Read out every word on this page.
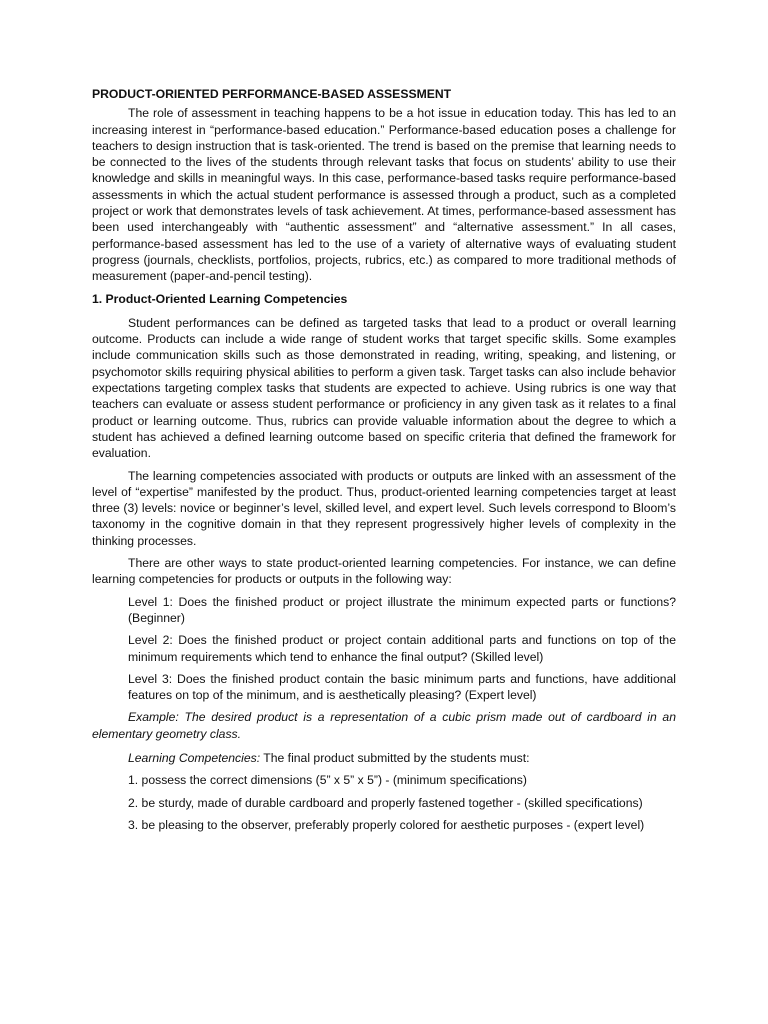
PRODUCT-ORIENTED PERFORMANCE-BASED ASSESSMENT

The role of assessment in teaching happens to be a hot issue in education today. This has led to an increasing interest in “performance-based education.” Performance-based education poses a challenge for teachers to design instruction that is task-oriented. The trend is based on the premise that learning needs to be connected to the lives of the students through relevant tasks that focus on students’ ability to use their knowledge and skills in meaningful ways. In this case, performance-based tasks require performance-based assessments in which the actual student performance is assessed through a product, such as a completed project or work that demonstrates levels of task achievement. At times, performance-based assessment has been used interchangeably with “authentic assessment” and “alternative assessment.” In all cases, performance-based assessment has led to the use of a variety of alternative ways of evaluating student progress (journals, checklists, portfolios, projects, rubrics, etc.) as compared to more traditional methods of measurement (paper-and-pencil testing).

1. Product-Oriented Learning Competencies

Student performances can be defined as targeted tasks that lead to a product or overall learning outcome. Products can include a wide range of student works that target specific skills. Some examples include communication skills such as those demonstrated in reading, writing, speaking, and listening, or psychomotor skills requiring physical abilities to perform a given task. Target tasks can also include behavior expectations targeting complex tasks that students are expected to achieve. Using rubrics is one way that teachers can evaluate or assess student performance or proficiency in any given task as it relates to a final product or learning outcome. Thus, rubrics can provide valuable information about the degree to which a student has achieved a defined learning outcome based on specific criteria that defined the framework for evaluation.

The learning competencies associated with products or outputs are linked with an assessment of the level of “expertise” manifested by the product. Thus, product-oriented learning competencies target at least three (3) levels: novice or beginner’s level, skilled level, and expert level. Such levels correspond to Bloom’s taxonomy in the cognitive domain in that they represent progressively higher levels of complexity in the thinking processes.

There are other ways to state product-oriented learning competencies. For instance, we can define learning competencies for products or outputs in the following way:

Level 1: Does the finished product or project illustrate the minimum expected parts or functions? (Beginner)

Level 2: Does the finished product or project contain additional parts and functions on top of the minimum requirements which tend to enhance the final output? (Skilled level)

Level 3: Does the finished product contain the basic minimum parts and functions, have additional features on top of the minimum, and is aesthetically pleasing? (Expert level)

Example: The desired product is a representation of a cubic prism made out of cardboard in an elementary geometry class.

Learning Competencies: The final product submitted by the students must:

1. possess the correct dimensions (5” x 5” x 5”) - (minimum specifications)
2. be sturdy, made of durable cardboard and properly fastened together - (skilled specifications)
3. be pleasing to the observer, preferably properly colored for aesthetic purposes - (expert level)
